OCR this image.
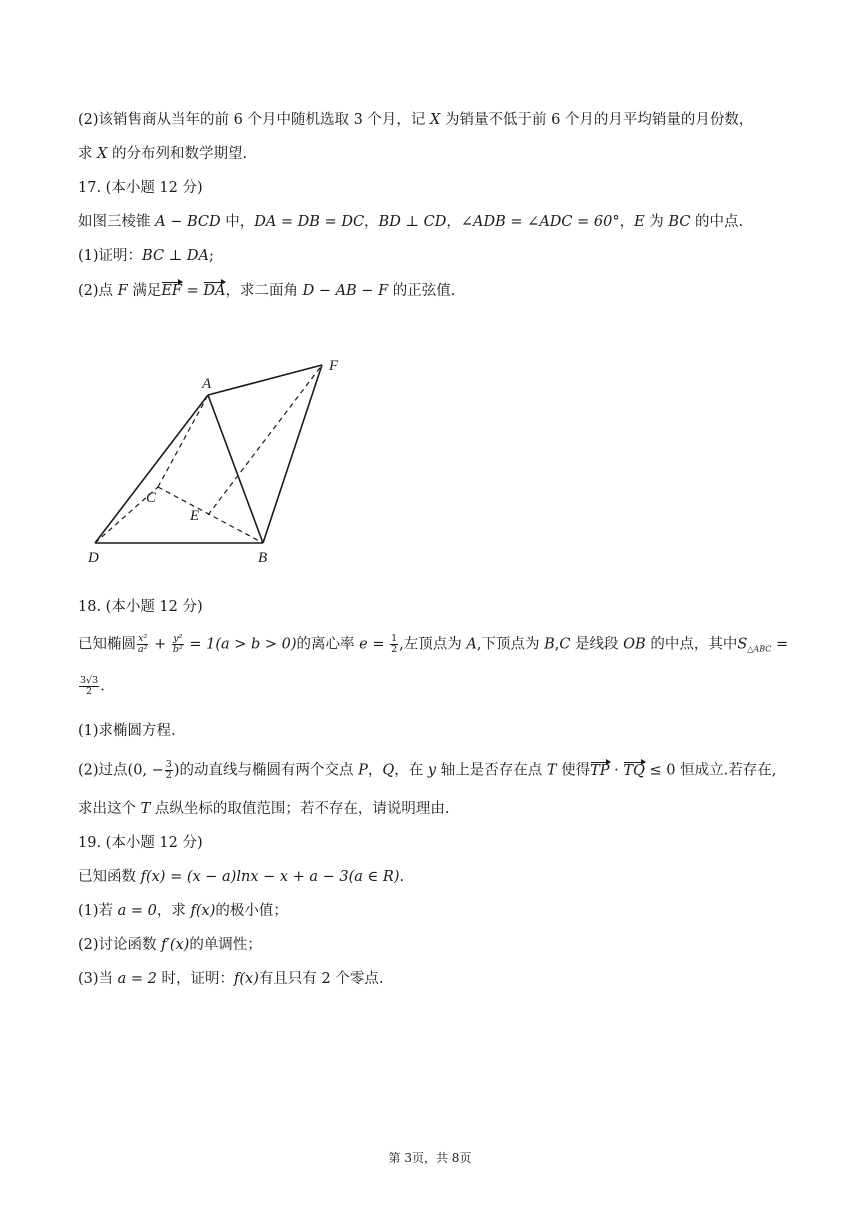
(2)该销售商从当年的前 6 个月中随机选取 3 个月，记 X 为销量不低于前 6 个月的月平均销量的月份数，
求 X 的分布列和数学期望.
17. (本小题 12 分)
如图三棱锥 A − BCD 中，DA = DB = DC，BD ⊥ CD，∠ADB = ∠ADC = 60°，E 为 BC 的中点.
(1)证明：BC ⊥ DA;
(2)点 F 满足EF = DA，求二面角 D − AB − F 的正弦值.
A
B
C
D
E
F
18. (本小题 12 分)
已知椭圆 $\frac{\text{x²}}{\text{a²}} + \frac{\text{y²}}{\text{b²}} = 1(a > b > 0)$的离心率 $e = \frac{1}{2}$ ,左顶点为 A,下顶点为 B,C 是线段 OB 的中点，其中$S_{\triangle ABC}$ =
$\frac{3√3}{2}$ .
(1)求椭圆方程.
(2)过点(0, − $\frac{3}{2}$ )的动直线与椭圆有两个交点 P，Q，在 y 轴上是否存在点 T 使得TP · TQ ≤ 0 恒成立.若存在,
求出这个 T 点纵坐标的取值范围；若不存在，请说明理由.
19. (本小题 12 分)
已知函数 f(x) = (x − a)lnx − x + a − 3(a ∈ R).
(1)若 a = 0，求 f(x)的极小值；
(2)讨论函数 f′(x)的单调性；
(3)当 a = 2 时，证明：f(x)有且只有 2 个零点.
第 3页，共 8页
